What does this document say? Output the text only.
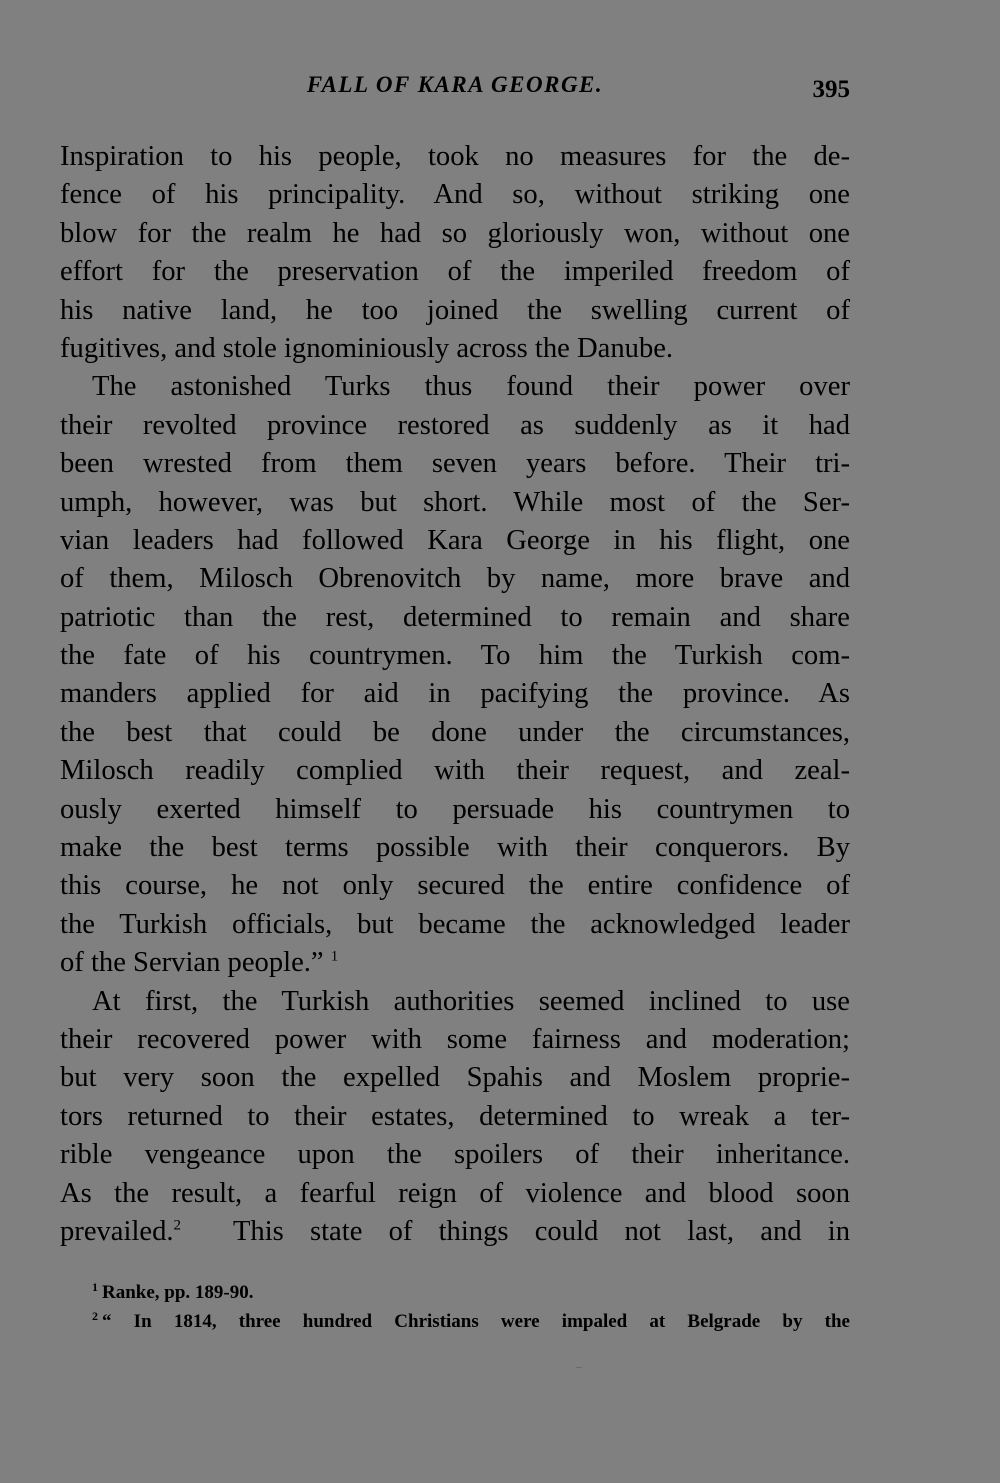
FALL OF KARA GEORGE.	395
Inspiration to his people, took no measures for the de-
fence of his principality. And so, without striking one
blow for the realm he had so gloriously won, without one
effort for the preservation of the imperiled freedom of
his native land, he too joined the swelling current of
fugitives, and stole ignominiously across the Danube.
The astonished Turks thus found their power over
their revolted province restored as suddenly as it had
been wrested from them seven years before. Their tri-
umph, however, was but short. While most of the Ser-
vian leaders had followed Kara George in his flight, one
of them, Milosch Obrenovitch by name, more brave and
patriotic than the rest, determined to remain and share
the fate of his countrymen. To him the Turkish com-
manders applied for aid in pacifying the province. As
the best that could be done under the circumstances,
Milosch readily complied with their request, and zeal-
ously exerted himself to persuade his countrymen to
make the best terms possible with their conquerors. By
this course, he not only secured the entire confidence of
the Turkish officials, but became the acknowledged leader
of the Servian people.” $^1$
At first, the Turkish authorities seemed inclined to use
their recovered power with some fairness and moderation;
but very soon the expelled Spahis and Moslem proprie-
tors returned to their estates, determined to wreak a ter-
rible vengeance upon the spoilers of their inheritance.
As the result, a fearful reign of violence and blood soon
prevailed.$^2$ This state of things could not last, and in
$^1$ Ranke, pp. 189-90.
$^2$ “ In 1814, three hundred Christians were impaled at Belgrade by the
